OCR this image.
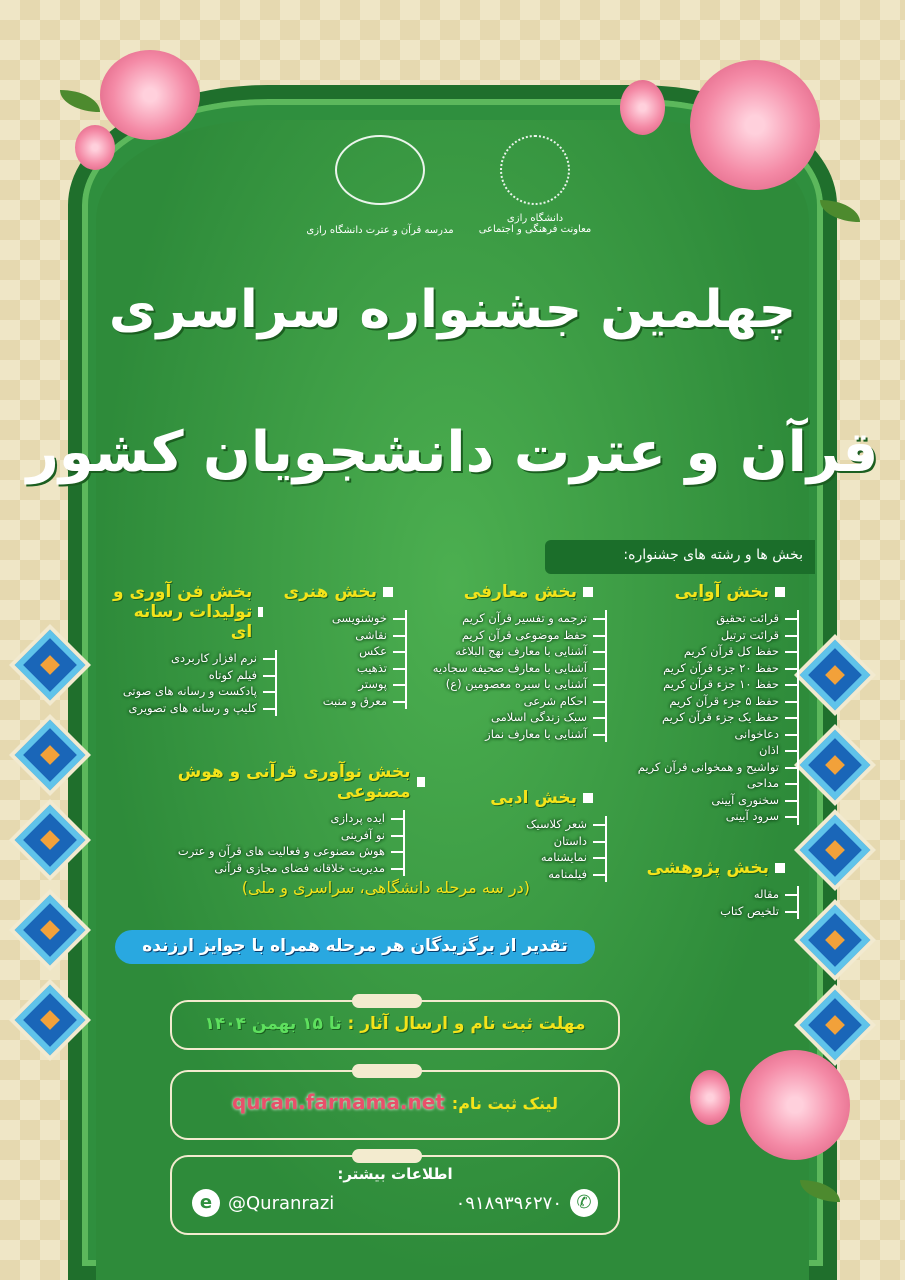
مدرسه قرآن و عترت دانشگاه رازی
دانشگاه رازی
معاونت فرهنگی و اجتماعی
چهلمین جشنواره سراسری
قرآن و عترت دانشجویان کشور
بخش ها و رشته های جشنواره:
بخش آوایی
قرائت تحقیق
قرائت ترتیل
حفظ کل قرآن کریم
حفظ ۲۰ جزء قرآن کریم
حفظ ۱۰ جزء قرآن کریم
حفظ ۵ جزء قرآن کریم
حفظ یک جزء قرآن کریم
دعاخوانی
اذان
تواشیح و همخوانی قرآن کریم
مداحی
سخنوری آیینی
سرود آیینی
بخش پژوهشی
مقاله
تلخیص کتاب
بخش معارفی
ترجمه و تفسیر قرآن کریم
حفظ موضوعی قرآن کریم
آشنایی با معارف نهج البلاغه
آشنایی با معارف صحیفه سجادیه
آشنایی با سیره معصومین (ع)
احکام شرعی
سبک زندگی اسلامی
آشنایی با معارف نماز
بخش ادبی
شعر کلاسیک
داستان
نمایشنامه
فیلمنامه
بخش هنری
خوشنویسی
نقاشی
عکس
تذهیب
پوستر
معرق و منبت
بخش فن آوری و تولیدات رسانه ای
نرم افزار کاربردی
فیلم کوتاه
پادکست و رسانه های صوتی
کلیپ و رسانه های تصویری
بخش نوآوری قرآنی و هوش مصنوعی
ایده پردازی
نو آفرینی
هوش مصنوعی و فعالیت های قرآن و عترت
مدیریت خلاقانه فضای مجازی قرآنی
(در سه مرحله دانشگاهی، سراسری و ملی)
تقدیر از برگزیدگان هر مرحله همراه با جوایز ارزنده
مهلت ثبت نام و ارسال آثار : تا ۱۵ بهمن ۱۴۰۴
لینک ثبت نام: quran.farnama.net
اطلاعات بیشتر:
✆
۰۹۱۸۹۳۹۶۲۷۰
e @Quranrazi
